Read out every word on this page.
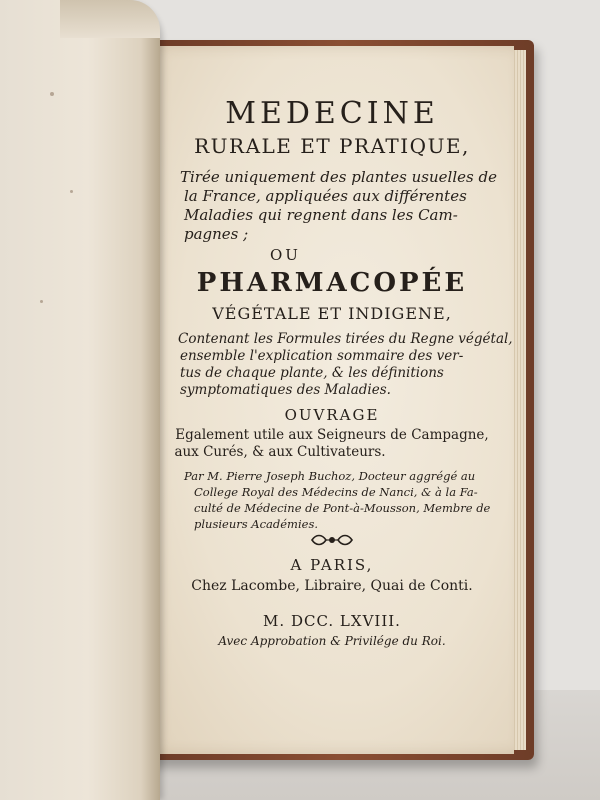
MEDECINE

RURALE ET PRATIQUE,

Tirée uniquement des plantes usuelles de

la France, appliquées aux différentes

Maladies qui regnent dans les Cam-

pagnes ;

OU

PHARMACOPÉE

VÉGÉTALE ET INDIGENE,

Contenant les Formules tirées du Regne végétal,

ensemble l'explication sommaire des ver-

tus de chaque plante, & les définitions

symptomatiques des Maladies.

OUVRAGE

Egalement utile aux Seigneurs de Campagne,

aux Curés, & aux Cultivateurs.

Par M. Pierre Joseph Buchoz, Docteur aggrégé au

College Royal des Médecins de Nanci, & à la Fa-

culté de Médecine de Pont-à-Mousson, Membre de

plusieurs Académies.

A PARIS,

Chez Lacombe, Libraire, Quai de Conti.

M. DCC. LXVIII.

Avec Approbation & Privilége du Roi.
